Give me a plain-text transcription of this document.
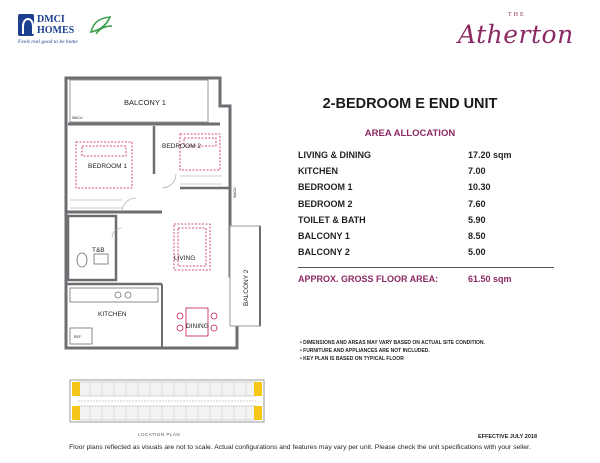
DMCI
HOMES
Feels real good to be home
THE
Atherton
BALCONY 1
BEDROOM 1
BEDROOM 2
T&B
LIVING
KITCHEN
DINING
BALCONY 2
WACU
WACU
REF
LOCATION PLAN
2-BEDROOM E END UNIT
AREA ALLOCATION
LIVING & DINING	17.20 sqm
KITCHEN	7.00
BEDROOM 1	10.30
BEDROOM 2	7.60
TOILET & BATH	5.90
BALCONY 1	8.50
BALCONY 2	5.00
APPROX. GROSS FLOOR AREA:	61.50 sqm
• DIMENSIONS AND AREAS MAY VARY BASED ON ACTUAL SITE CONDITION.
• FURNITURE AND APPLIANCES ARE NOT INCLUDED.
• KEY PLAN IS BASED ON TYPICAL FLOOR
EFFECTIVE JULY 2018
Floor plans reflected as visuals are not to scale. Actual configurations and features may vary per unit. Please check the unit specifications with your seller.
